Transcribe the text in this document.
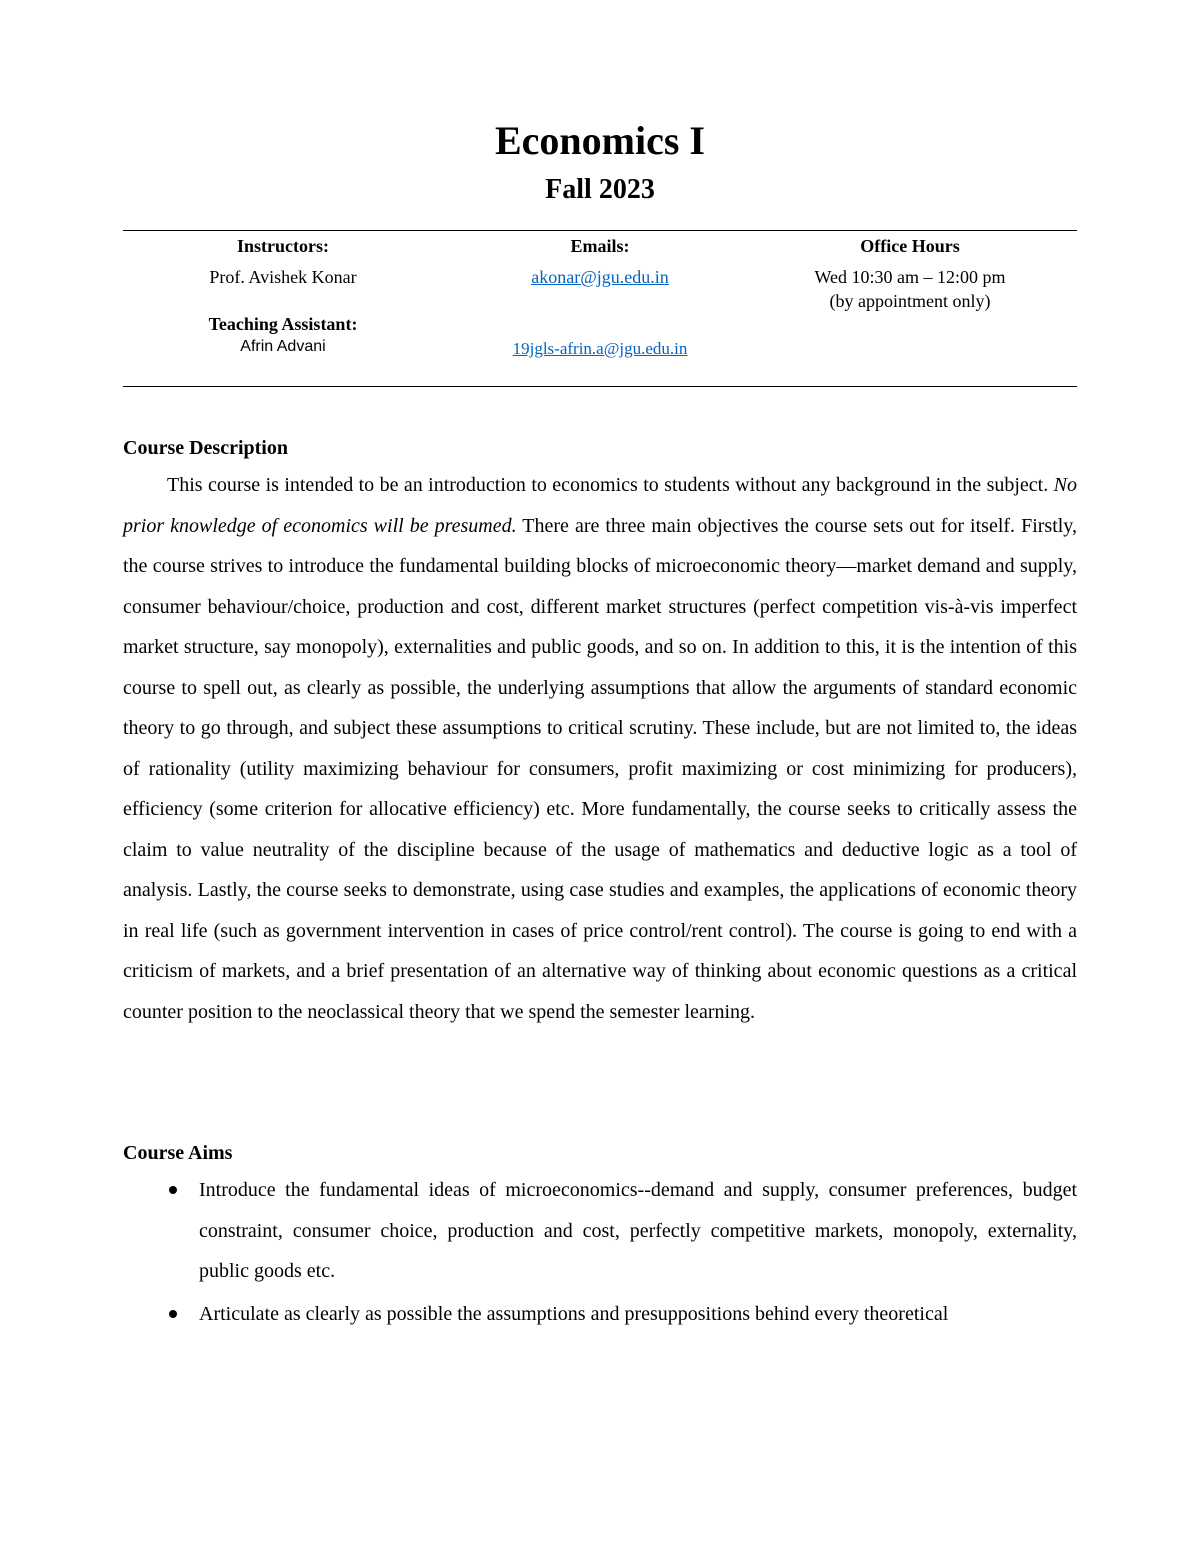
Economics I
Fall 2023
Instructors:
Prof. Avishek Konar
Teaching Assistant:
Afrin Advani
Emails:
akonar@jgu.edu.in
19jgls-afrin.a@jgu.edu.in
Office Hours
Wed 10:30 am – 12:00 pm
(by appointment only)
Course Description
This course is intended to be an introduction to economics to students without any background in the subject. No prior knowledge of economics will be presumed. There are three main objectives the course sets out for itself. Firstly, the course strives to introduce the fundamental building blocks of microeconomic theory—market demand and supply, consumer behaviour/choice, production and cost, different market structures (perfect competition vis-à-vis imperfect market structure, say monopoly), externalities and public goods, and so on. In addition to this, it is the intention of this course to spell out, as clearly as possible, the underlying assumptions that allow the arguments of standard economic theory to go through, and subject these assumptions to critical scrutiny. These include, but are not limited to, the ideas of rationality (utility maximizing behaviour for consumers, profit maximizing or cost minimizing for producers), efficiency (some criterion for allocative efficiency) etc. More fundamentally, the course seeks to critically assess the claim to value neutrality of the discipline because of the usage of mathematics and deductive logic as a tool of analysis. Lastly, the course seeks to demonstrate, using case studies and examples, the applications of economic theory in real life (such as government intervention in cases of price control/rent control). The course is going to end with a criticism of markets, and a brief presentation of an alternative way of thinking about economic questions as a critical counter position to the neoclassical theory that we spend the semester learning.
Course Aims
Introduce the fundamental ideas of microeconomics--demand and supply, consumer preferences, budget constraint, consumer choice, production and cost, perfectly competitive markets, monopoly, externality, public goods etc.
Articulate as clearly as possible the assumptions and presuppositions behind every theoretical
